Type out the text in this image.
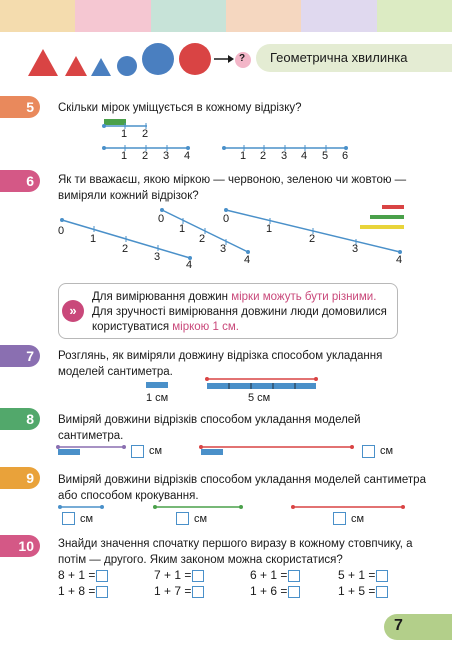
? Геометрична хвилинка
5	Скільки мірок уміщується в кожному відрізку?
1 2
1 2 3 4	1 2 3 4 5 6
6	Як ти вважаєш, якою міркою — червоною, зеленою чи жовтою — виміряли кожний відрізок?
0
1
2
3
4
0
1
2
3
4
0
1
2
3
4
»
Для вимірювання довжин мірки можуть бути різними.
Для зручності вимірювання довжини люди домовилися
користуватися міркою 1 см.
7	Розглянь, як виміряли довжину відрізка способом укладання моделей сантиметра.
1 см	5 см
8	Виміряй довжини відрізків способом укладання моделей сантиметра.
см	см
9	Виміряй довжини відрізків способом укладання моделей сантиметра або способом крокування.
см	см	см
10	Знайди значення спочатку першого виразу в кожному стовпчику, а потім — другого. Яким законом можна скористатися?
8 + 1 =	7 + 1 =	6 + 1 =	5 + 1 =
1 + 8 =	1 + 7 =	1 + 6 =	1 + 5 =
7
